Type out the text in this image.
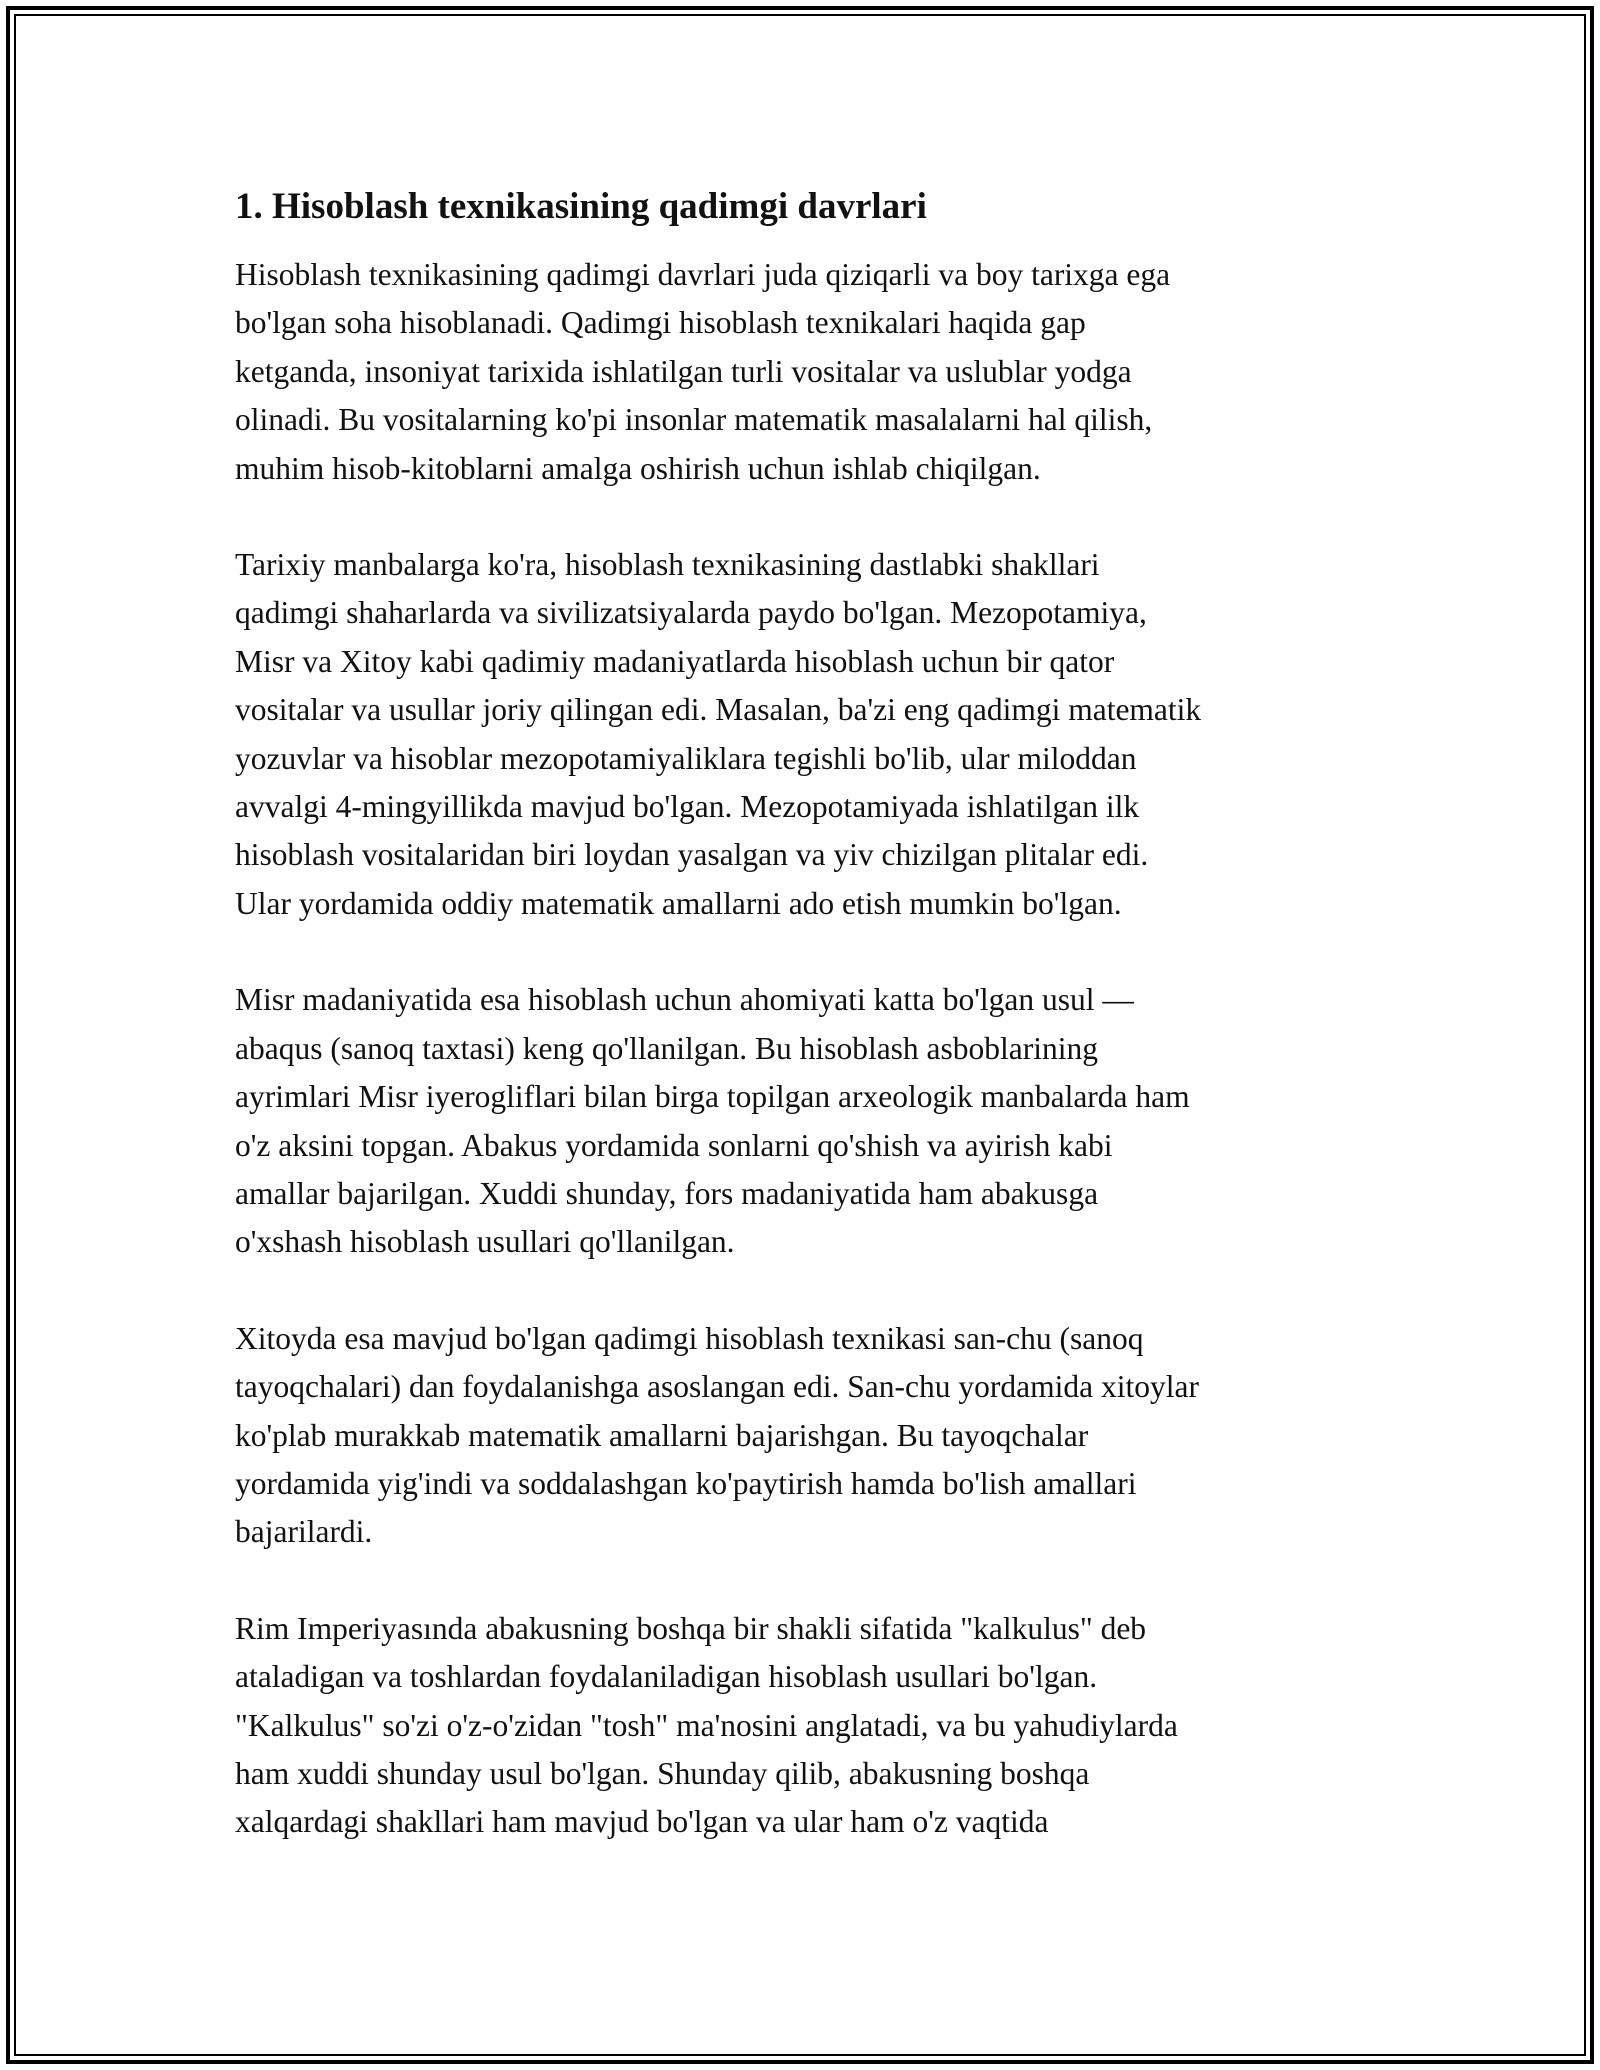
1. Hisoblash texnikasining qadimgi davrlari

Hisoblash texnikasining qadimgi davrlari juda qiziqarli va boy tarixga ega
bo'lgan soha hisoblanadi. Qadimgi hisoblash texnikalari haqida gap
ketganda, insoniyat tarixida ishlatilgan turli vositalar va uslublar yodga
olinadi. Bu vositalarning ko'pi insonlar matematik masalalarni hal qilish,
muhim hisob-kitoblarni amalga oshirish uchun ishlab chiqilgan.

Tarixiy manbalarga ko'ra, hisoblash texnikasining dastlabki shakllari
qadimgi shaharlarda va sivilizatsiyalarda paydo bo'lgan. Mezopotamiya,
Misr va Xitoy kabi qadimiy madaniyatlarda hisoblash uchun bir qator
vositalar va usullar joriy qilingan edi. Masalan, ba'zi eng qadimgi matematik
yozuvlar va hisoblar mezopotamiyaliklara tegishli bo'lib, ular miloddan
avvalgi 4-mingyillikda mavjud bo'lgan. Mezopotamiyada ishlatilgan ilk
hisoblash vositalaridan biri loydan yasalgan va yiv chizilgan plitalar edi.
Ular yordamida oddiy matematik amallarni ado etish mumkin bo'lgan.

Misr madaniyatida esa hisoblash uchun ahomiyati katta bo'lgan usul —
abaqus (sanoq taxtasi) keng qo'llanilgan. Bu hisoblash asboblarining
ayrimlari Misr iyerogliflari bilan birga topilgan arxeologik manbalarda ham
o'z aksini topgan. Abakus yordamida sonlarni qo'shish va ayirish kabi
amallar bajarilgan. Xuddi shunday, fors madaniyatida ham abakusga
o'xshash hisoblash usullari qo'llanilgan.

Xitoyda esa mavjud bo'lgan qadimgi hisoblash texnikasi san-chu (sanoq
tayoqchalari) dan foydalanishga asoslangan edi. San-chu yordamida xitoylar
ko'plab murakkab matematik amallarni bajarishgan. Bu tayoqchalar
yordamida yig'indi va soddalashgan ko'paytirish hamda bo'lish amallari
bajarilardi.

Rim Imperiyasında abakusning boshqa bir shakli sifatida "kalkulus" deb
ataladigan va toshlardan foydalaniladigan hisoblash usullari bo'lgan.
"Kalkulus" so'zi o'z-o'zidan "tosh" ma'nosini anglatadi, va bu yahudiylarda
ham xuddi shunday usul bo'lgan. Shunday qilib, abakusning boshqa
xalqardagi shakllari ham mavjud bo'lgan va ular ham o'z vaqtida
